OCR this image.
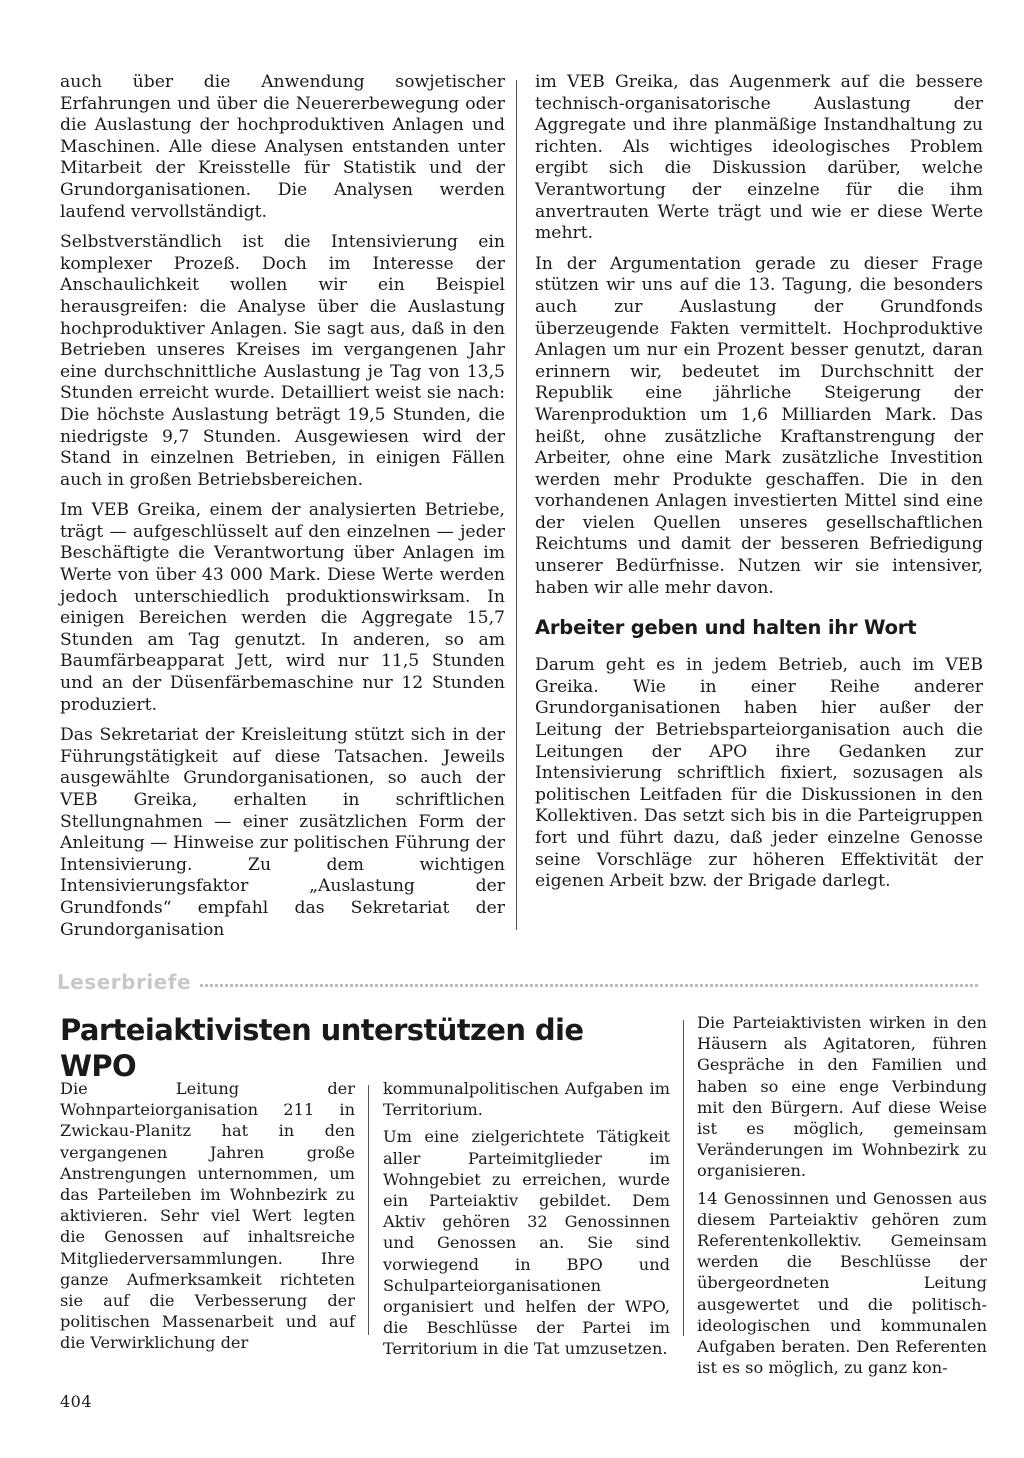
auch über die Anwendung sowjetischer Erfahrungen und über die Neuererbewegung oder die Auslastung der hochproduktiven Anlagen und Maschinen. Alle diese Analysen entstanden unter Mitarbeit der Kreisstelle für Statistik und der Grundorganisationen. Die Analysen werden laufend vervollständigt.

Selbstverständlich ist die Intensivierung ein komplexer Prozeß. Doch im Interesse der Anschaulichkeit wollen wir ein Beispiel herausgreifen: die Analyse über die Auslastung hochproduktiver Anlagen. Sie sagt aus, daß in den Betrieben unseres Kreises im vergangenen Jahr eine durchschnittliche Auslastung je Tag von 13,5 Stunden erreicht wurde. Detailliert weist sie nach: Die höchste Auslastung beträgt 19,5 Stunden, die niedrigste 9,7 Stunden. Ausgewiesen wird der Stand in einzelnen Betrieben, in einigen Fällen auch in großen Betriebsbereichen.

Im VEB Greika, einem der analysierten Betriebe, trägt — aufgeschlüsselt auf den einzelnen — jeder Beschäftigte die Verantwortung über Anlagen im Werte von über 43 000 Mark. Diese Werte werden jedoch unterschiedlich produktionswirksam. In einigen Bereichen werden die Aggregate 15,7 Stunden am Tag genutzt. In anderen, so am Baumfärbeapparat Jett, wird nur 11,5 Stunden und an der Düsenfärbemaschine nur 12 Stunden produziert.

Das Sekretariat der Kreisleitung stützt sich in der Führungstätigkeit auf diese Tatsachen. Jeweils ausgewählte Grundorganisationen, so auch der VEB Greika, erhalten in schriftlichen Stellungnahmen — einer zusätzlichen Form der Anleitung — Hinweise zur politischen Führung der Intensivierung. Zu dem wichtigen Intensivierungsfaktor „Auslastung der Grundfonds“ empfahl das Sekretariat der Grundorganisation

im VEB Greika, das Augenmerk auf die bessere technisch-organisatorische Auslastung der Aggregate und ihre planmäßige Instandhaltung zu richten. Als wichtiges ideologisches Problem ergibt sich die Diskussion darüber, welche Verantwortung der einzelne für die ihm anvertrauten Werte trägt und wie er diese Werte mehrt.

In der Argumentation gerade zu dieser Frage stützen wir uns auf die 13. Tagung, die besonders auch zur Auslastung der Grundfonds überzeugende Fakten vermittelt. Hochproduktive Anlagen um nur ein Prozent besser genutzt, daran erinnern wir, bedeutet im Durchschnitt der Republik eine jährliche Steigerung der Warenproduktion um 1,6 Milliarden Mark. Das heißt, ohne zusätzliche Kraftanstrengung der Arbeiter, ohne eine Mark zusätzliche Investition werden mehr Produkte geschaffen. Die in den vorhandenen Anlagen investierten Mittel sind eine der vielen Quellen unseres gesellschaftlichen Reichtums und damit der besseren Befriedigung unserer Bedürfnisse. Nutzen wir sie intensiver, haben wir alle mehr davon.

Arbeiter geben und halten ihr Wort

Darum geht es in jedem Betrieb, auch im VEB Greika. Wie in einer Reihe anderer Grundorganisationen haben hier außer der Leitung der Betriebsparteiorganisation auch die Leitungen der APO ihre Gedanken zur Intensivierung schriftlich fixiert, sozusagen als politischen Leitfaden für die Diskussionen in den Kollektiven. Das setzt sich bis in die Parteigruppen fort und führt dazu, daß jeder einzelne Genosse seine Vorschläge zur höheren Effektivität der eigenen Arbeit bzw. der Brigade darlegt.

Leserbriefe
Parteiaktivisten unterstützen die WPO

Die Leitung der Wohnparteiorganisation 211 in Zwickau-Planitz hat in den vergangenen Jahren große Anstrengungen unternommen, um das Parteileben im Wohnbezirk zu aktivieren. Sehr viel Wert legten die Genossen auf inhaltsreiche Mitgliederversammlungen. Ihre ganze Aufmerksamkeit richteten sie auf die Verbesserung der politischen Massenarbeit und auf die Verwirklichung der

kommunalpolitischen Aufgaben im Territorium.

Um eine zielgerichtete Tätigkeit aller Parteimitglieder im Wohngebiet zu erreichen, wurde ein Parteiaktiv gebildet. Dem Aktiv gehören 32 Genossinnen und Genossen an. Sie sind vorwiegend in BPO und Schulparteiorganisationen organisiert und helfen der WPO, die Beschlüsse der Partei im Territorium in die Tat umzusetzen.

Die Parteiaktivisten wirken in den Häusern als Agitatoren, führen Gespräche in den Familien und haben so eine enge Verbindung mit den Bürgern. Auf diese Weise ist es möglich, gemeinsam Veränderungen im Wohnbezirk zu organisieren.

14 Genossinnen und Genossen aus diesem Parteiaktiv gehören zum Referentenkollektiv. Gemeinsam werden die Beschlüsse der übergeordneten Leitung ausgewertet und die politisch-ideologischen und kommunalen Aufgaben beraten. Den Referenten ist es so möglich, zu ganz kon-

404
